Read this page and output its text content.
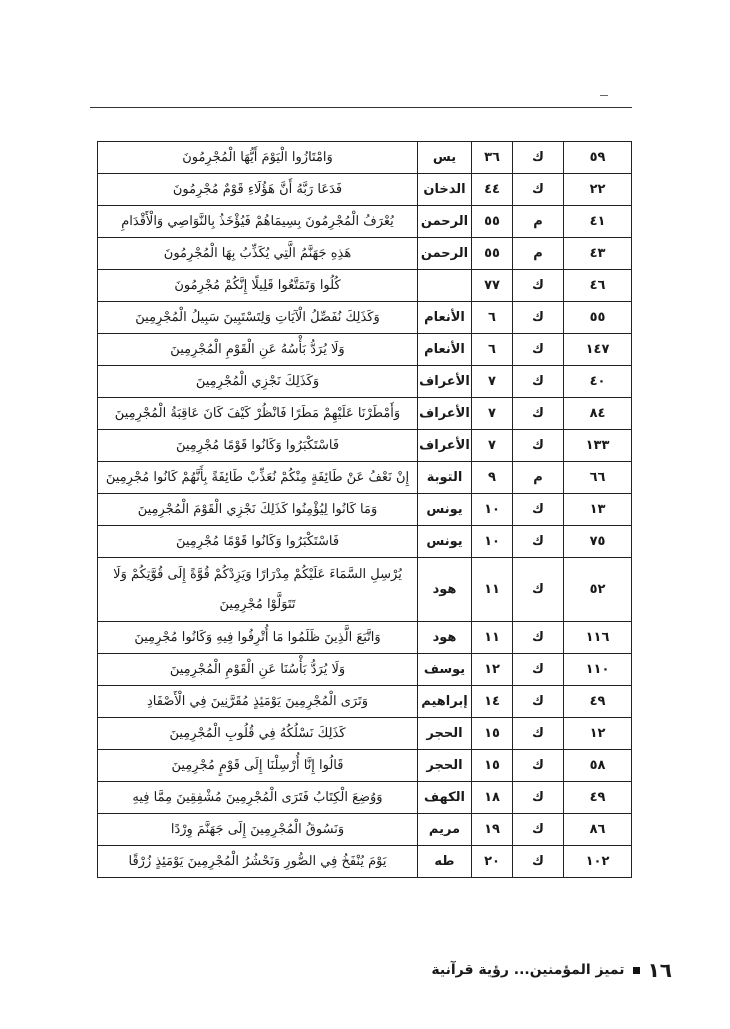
٥٩	ك	٣٦	يس	وَامْتَازُوا الْيَوْمَ أَيُّهَا الْمُجْرِمُونَ
٢٢	ك	٤٤	الدخان	فَدَعَا رَبَّهُ أَنَّ هَؤُلَاءِ قَوْمٌ مُجْرِمُونَ
٤١	م	٥٥	الرحمن	يُعْرَفُ الْمُجْرِمُونَ بِسِيمَاهُمْ فَيُؤْخَذُ بِالنَّوَاصِي وَالْأَقْدَامِ
٤٣	م	٥٥	الرحمن	هَذِهِ جَهَنَّمُ الَّتِي يُكَذِّبُ بِهَا الْمُجْرِمُونَ
٤٦	ك	٧٧		كُلُوا وَتَمَتَّعُوا قَلِيلًا إِنَّكُمْ مُجْرِمُونَ
٥٥	ك	٦	الأنعام	وَكَذَلِكَ نُفَصِّلُ الْآيَاتِ وَلِتَسْتَبِينَ سَبِيلُ الْمُجْرِمِينَ
١٤٧	ك	٦	الأنعام	وَلَا يُرَدُّ بَأْسُهُ عَنِ الْقَوْمِ الْمُجْرِمِينَ
٤٠	ك	٧	الأعراف	وَكَذَلِكَ نَجْزِي الْمُجْرِمِينَ
٨٤	ك	٧	الأعراف	وَأَمْطَرْنَا عَلَيْهِمْ مَطَرًا فَانْظُرْ كَيْفَ كَانَ عَاقِبَةُ الْمُجْرِمِينَ
١٣٣	ك	٧	الأعراف	فَاسْتَكْبَرُوا وَكَانُوا قَوْمًا مُجْرِمِينَ
٦٦	م	٩	التوبة	إِنْ نَعْفُ عَنْ طَائِفَةٍ مِنْكُمْ نُعَذِّبْ طَائِفَةً بِأَنَّهُمْ كَانُوا مُجْرِمِينَ
١٣	ك	١٠	يونس	وَمَا كَانُوا لِيُؤْمِنُوا كَذَلِكَ نَجْزِي الْقَوْمَ الْمُجْرِمِينَ
٧٥	ك	١٠	يونس	فَاسْتَكْبَرُوا وَكَانُوا قَوْمًا مُجْرِمِينَ
٥٢	ك	١١	هود	يُرْسِلِ السَّمَاءَ عَلَيْكُمْ مِدْرَارًا وَيَزِدْكُمْ قُوَّةً إِلَى قُوَّتِكُمْ وَلَا تَتَوَلَّوْا مُجْرِمِينَ
١١٦	ك	١١	هود	وَاتَّبَعَ الَّذِينَ ظَلَمُوا مَا أُتْرِفُوا فِيهِ وَكَانُوا مُجْرِمِينَ
١١٠	ك	١٢	يوسف	وَلَا يُرَدُّ بَأْسُنَا عَنِ الْقَوْمِ الْمُجْرِمِينَ
٤٩	ك	١٤	إبراهيم	وَتَرَى الْمُجْرِمِينَ يَوْمَئِذٍ مُقَرَّنِينَ فِي الْأَصْفَادِ
١٢	ك	١٥	الحجر	كَذَلِكَ نَسْلُكُهُ فِي قُلُوبِ الْمُجْرِمِينَ
٥٨	ك	١٥	الحجر	قَالُوا إِنَّا أُرْسِلْنَا إِلَى قَوْمٍ مُجْرِمِينَ
٤٩	ك	١٨	الكهف	وَوُضِعَ الْكِتَابُ فَتَرَى الْمُجْرِمِينَ مُشْفِقِينَ مِمَّا فِيهِ
٨٦	ك	١٩	مريم	وَنَسُوقُ الْمُجْرِمِينَ إِلَى جَهَنَّمَ وِرْدًا
١٠٢	ك	٢٠	طه	يَوْمَ يُنْفَخُ فِي الصُّورِ وَنَحْشُرُ الْمُجْرِمِينَ يَوْمَئِذٍ زُرْقًا
١٦
تميز المؤمنين... رؤية قرآنية
